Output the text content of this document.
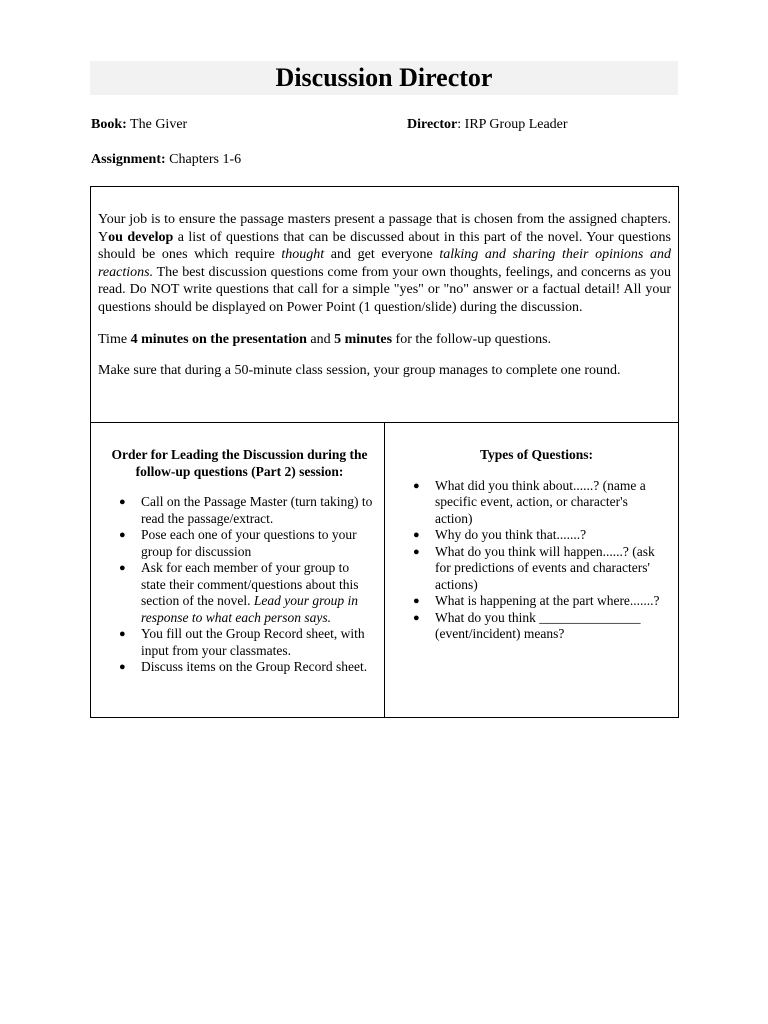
Discussion Director
Book: The Giver	Director: IRP Group Leader
Assignment: Chapters 1-6

Your job is to ensure the passage masters present a passage that is chosen from the assigned chapters. You develop a list of questions that can be discussed about in this part of the novel. Your questions should be ones which require thought and get everyone talking and sharing their opinions and reactions. The best discussion questions come from your own thoughts, feelings, and concerns as you read. Do NOT write questions that call for a simple "yes" or "no" answer or a factual detail! All your questions should be displayed on Power Point (1 question/slide) during the discussion.

Time 4 minutes on the presentation and 5 minutes for the follow-up questions.

Make sure that during a 50-minute class session, your group manages to complete one round.

Order for Leading the Discussion during the follow-up questions (Part 2) session:

● Call on the Passage Master (turn taking) to read the passage/extract.
● Pose each one of your questions to your group for discussion
● Ask for each member of your group to state their comment/questions about this section of the novel. Lead your group in response to what each person says.
● You fill out the Group Record sheet, with input from your classmates.
● Discuss items on the Group Record sheet.

Types of Questions:

● What did you think about......? (name a specific event, action, or character's action)
● Why do you think that.......?
● What do you think will happen......? (ask for predictions of events and characters' actions)
● What is happening at the part where.......?
● What do you think _______________ (event/incident) means?
